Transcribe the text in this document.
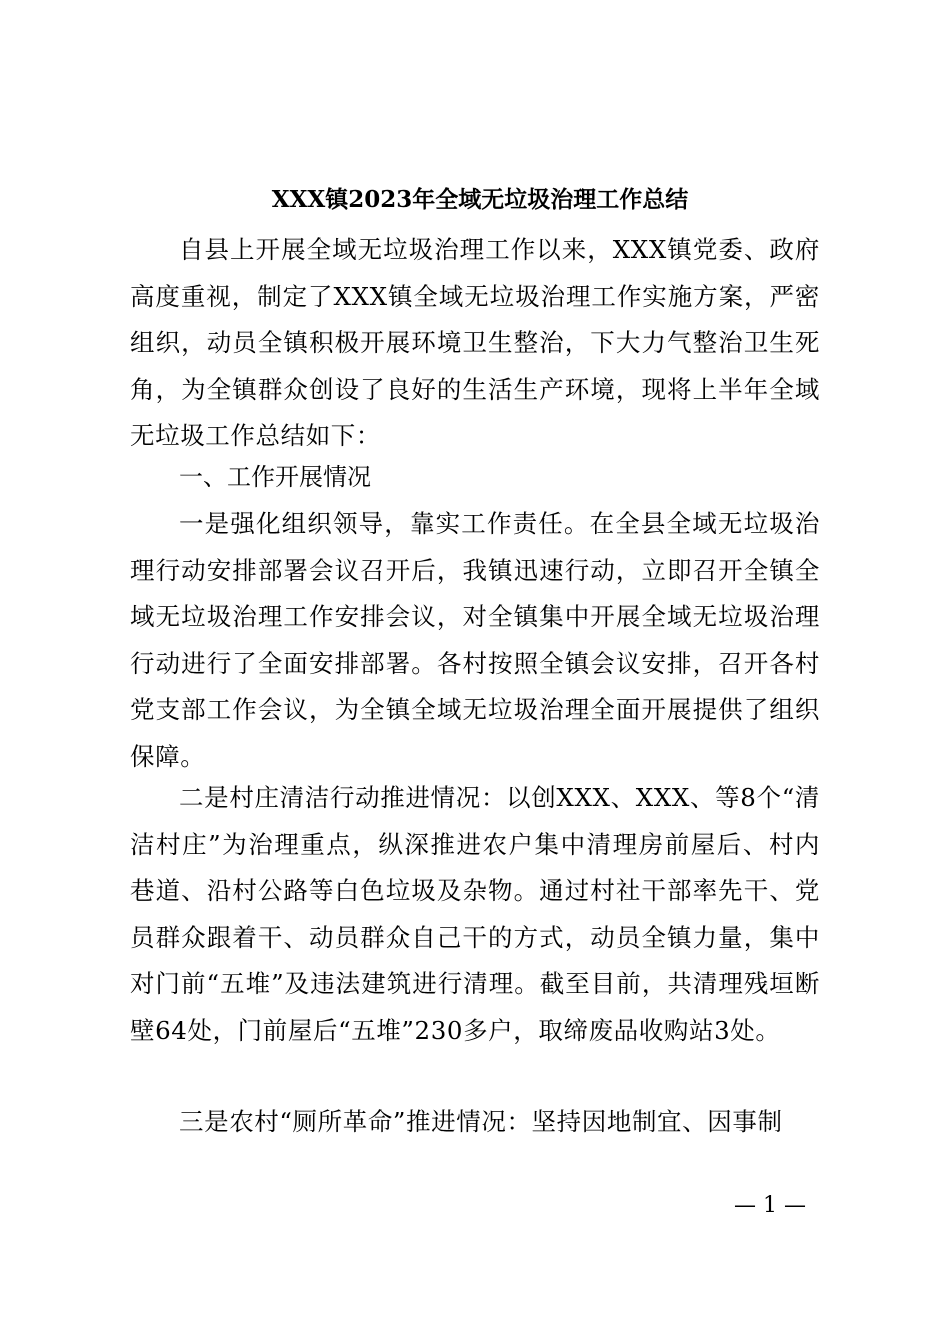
XXX镇2023年全域无垃圾治理工作总结

自县上开展全域无垃圾治理工作以来，XXX镇党委、政府高度重视，制定了XXX镇全域无垃圾治理工作实施方案，严密组织，动员全镇积极开展环境卫生整治，下大力气整治卫生死角，为全镇群众创设了良好的生活生产环境，现将上半年全域无垃圾工作总结如下：

一、工作开展情况

一是强化组织领导，靠实工作责任。在全县全域无垃圾治理行动安排部署会议召开后，我镇迅速行动，立即召开全镇全域无垃圾治理工作安排会议，对全镇集中开展全域无垃圾治理行动进行了全面安排部署。各村按照全镇会议安排，召开各村党支部工作会议，为全镇全域无垃圾治理全面开展提供了组织保障。

二是村庄清洁行动推进情况：以创XXX、XXX、等8个“清洁村庄”为治理重点，纵深推进农户集中清理房前屋后、村内巷道、沿村公路等白色垃圾及杂物。通过村社干部率先干、党员群众跟着干、动员群众自己干的方式，动员全镇力量，集中对门前“五堆”及违法建筑进行清理。截至目前，共清理残垣断壁64处，门前屋后“五堆”230多户，取缔废品收购站3处。

三是农村“厕所革命”推进情况：坚持因地制宜、因事制

— 1 —
